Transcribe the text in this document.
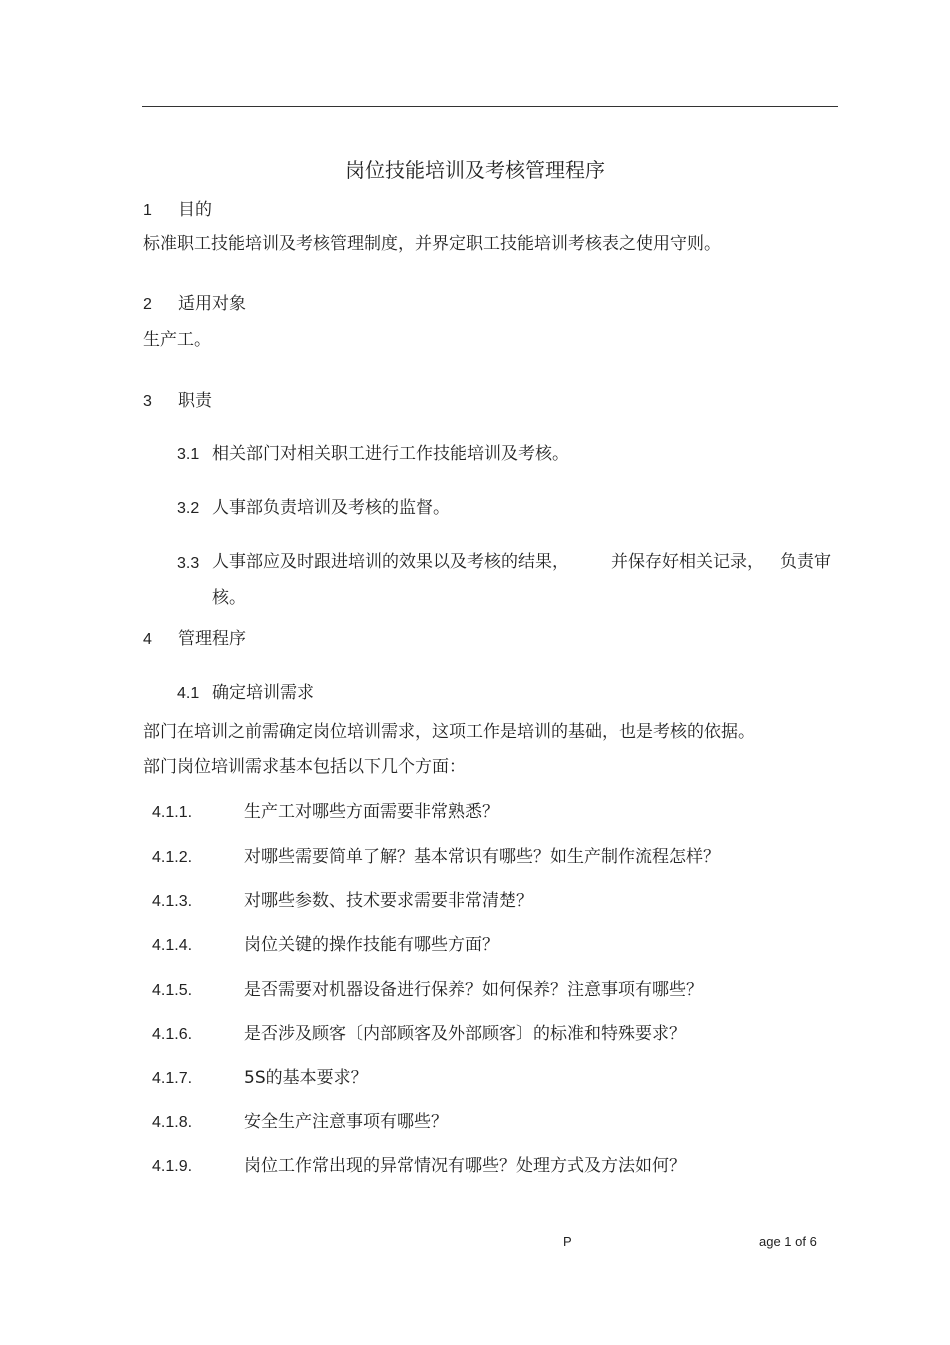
岗位技能培训及考核管理程序
1 目的
标准职工技能培训及考核管理制度，并界定职工技能培训考核表之使用守则。
2 适用对象
生产工。
3 职责
3.1 相关部门对相关职工进行工作技能培训及考核。
3.2 人事部负责培训及考核的监督。
3.3 人事部应及时跟进培训的效果以及考核的结果， 并保存好相关记录， 负责审
核。
4 管理程序
4.1 确定培训需求
部门在培训之前需确定岗位培训需求，这项工作是培训的基础，也是考核的依据。
部门岗位培训需求基本包括以下几个方面：
4.1.1.	生产工对哪些方面需要非常熟悉？
4.1.2.	对哪些需要简单了解？基本常识有哪些？如生产制作流程怎样？
4.1.3.	对哪些参数、技术要求需要非常清楚？
4.1.4.	岗位关键的操作技能有哪些方面？
4.1.5.	是否需要对机器设备进行保养？如何保养？注意事项有哪些？
4.1.6.	是否涉及顾客〔内部顾客及外部顾客〕的标准和特殊要求？
4.1.7.	5S的基本要求？
4.1.8.	安全生产注意事项有哪些？
4.1.9.	岗位工作常出现的异常情况有哪些？处理方式及方法如何？
P	age 1 of 6
